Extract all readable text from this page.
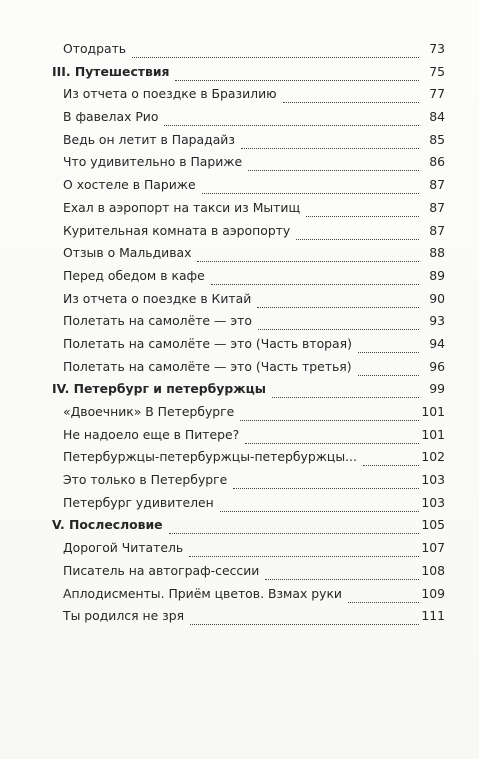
Отодрать	73
III. Путешествия	75
Из отчета о поездке в Бразилию	77
В фавелах Рио	84
Ведь он летит в Парадайз	85
Что удивительно в Париже	86
О хостеле в Париже	87
Ехал в аэропорт на такси из Мытищ	87
Курительная комната в аэропорту	87
Отзыв о Мальдивах	88
Перед обедом в кафе	89
Из отчета о поездке в Китай	90
Полетать на самолёте — это	93
Полетать на самолёте — это (Часть вторая)	94
Полетать на самолёте — это (Часть третья)	96
IV. Петербург и петербуржцы	99
«Двоечник» В Петербурге	101
Не надоело еще в Питере?	101
Петербуржцы-петербуржцы-петербуржцы...	102
Это только в Петербурге	103
Петербург удивителен	103
V. Послесловие	105
Дорогой Читатель	107
Писатель на автограф-сессии	108
Аплодисменты. Приём цветов. Взмах руки	109
Ты родился не зря	111
